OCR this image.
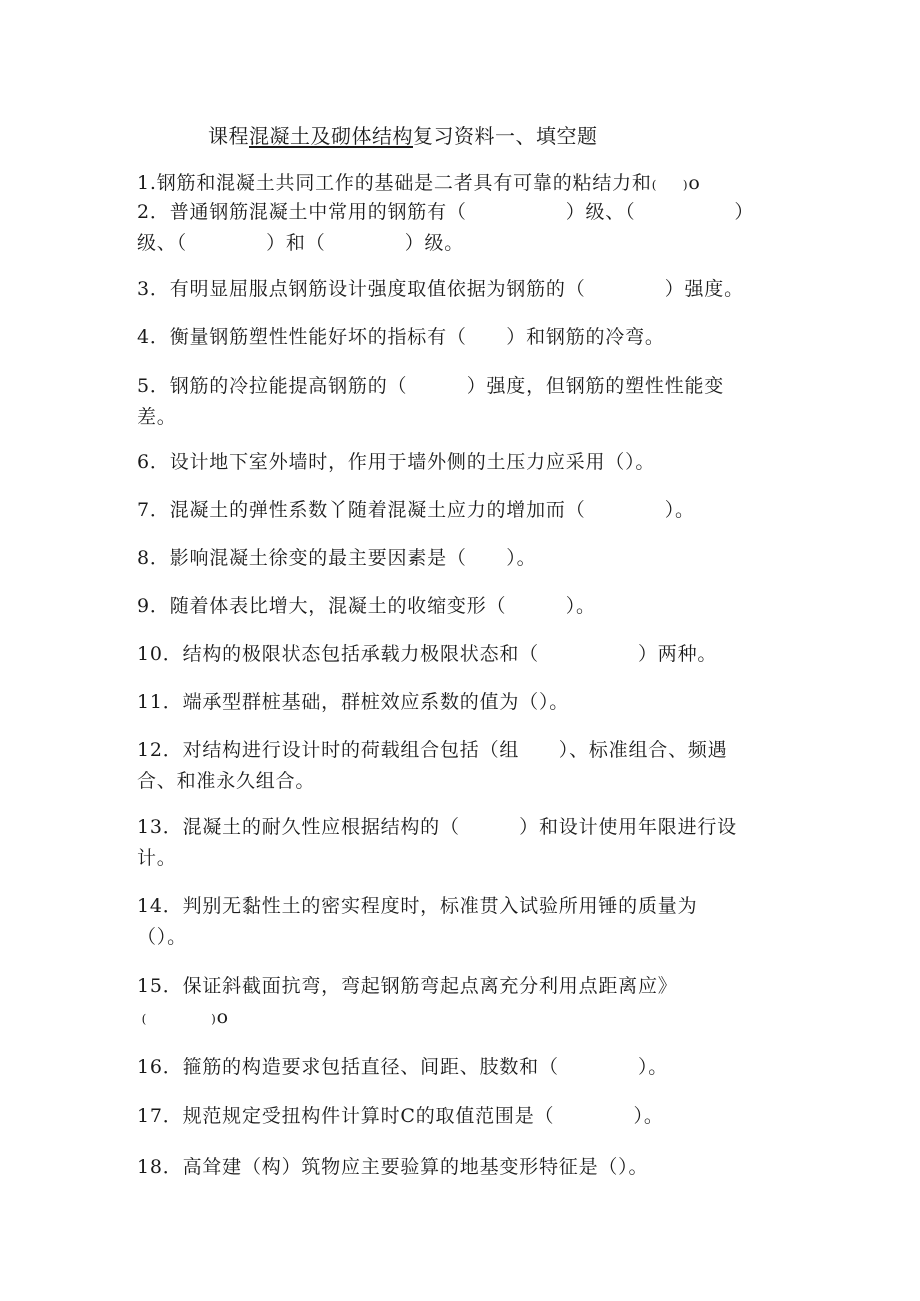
课程混凝土及砌体结构复习资料一、填空题
1.钢筋和混凝土共同工作的基础是二者具有可靠的粘结力和(　　)o
2．普通钢筋混凝土中常用的钢筋有（　　　　　）级、（　　　　　）
级、（　　　　）和（　　　　）级。
3．有明显屈服点钢筋设计强度取值依据为钢筋的（　　　　）强度。
4．衡量钢筋塑性性能好坏的指标有（　　）和钢筋的冷弯。
5．钢筋的冷拉能提高钢筋的（　　　）强度，但钢筋的塑性性能变
差。
6．设计地下室外墙时，作用于墙外侧的土压力应采用（）。
7．混凝土的弹性系数丫随着混凝土应力的增加而（　　　　）。
8．影响混凝土徐变的最主要因素是（　　）。
9．随着体表比增大，混凝土的收缩变形（　　　）。
10．结构的极限状态包括承载力极限状态和（　　　　　）两种。
11．端承型群桩基础，群桩效应系数的值为（）。
12．对结构进行设计时的荷载组合包括（组　　）、标准组合、频遇
合、和准永久组合。
13．混凝土的耐久性应根据结构的（　　　）和设计使用年限进行设
计。
14．判别无黏性土的密实程度时，标准贯入试验所用锤的质量为
（）。
15．保证斜截面抗弯，弯起钢筋弯起点离充分利用点距离应》
(　　　　　)o
16．箍筋的构造要求包括直径、间距、肢数和（　　　　）。
17．规范规定受扭构件计算时C的取值范围是（　　　　）。
18．高耸建（构）筑物应主要验算的地基变形特征是（）。
